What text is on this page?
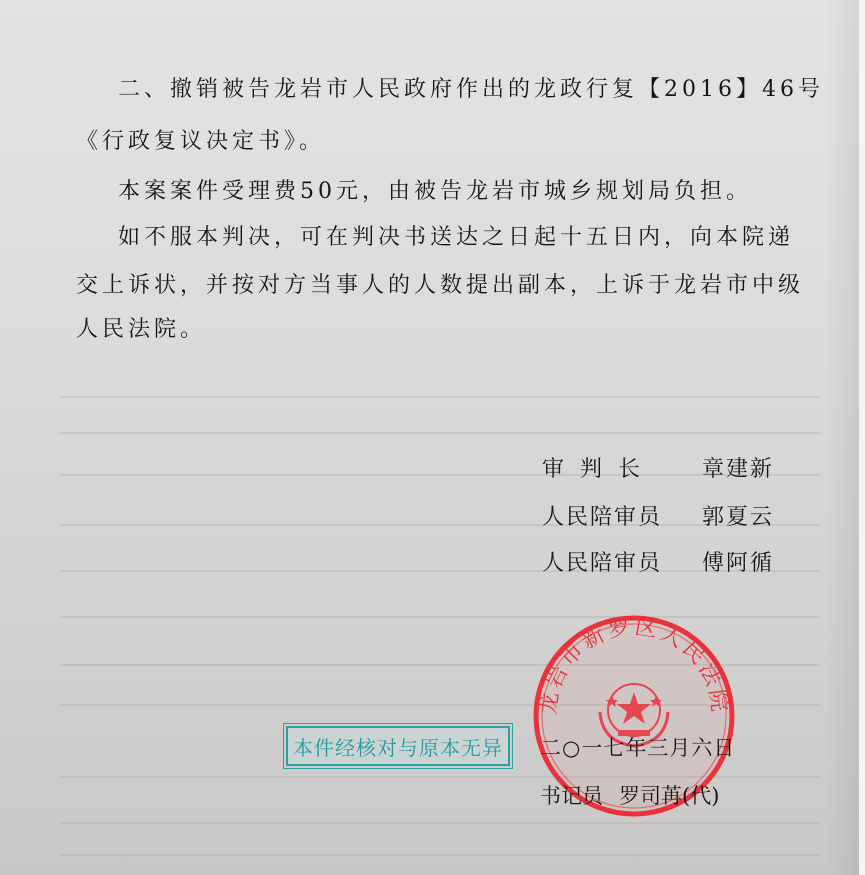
二、撤销被告龙岩市人民政府作出的龙政行复【2016】46号
《行政复议决定书》。
本案案件受理费50元，由被告龙岩市城乡规划局负担。
如不服本判决，可在判决书送达之日起十五日内，向本院递
交上诉状，并按对方当事人的人数提出副本，上诉于龙岩市中级
人民法院。
审判长 章建新
人民陪审员 郭夏云
人民陪审员 傅阿循
本件经核对与原本无异
龙岩市新罗区人民法院
二○一七年三月六日
书记员 罗司苒(代)
